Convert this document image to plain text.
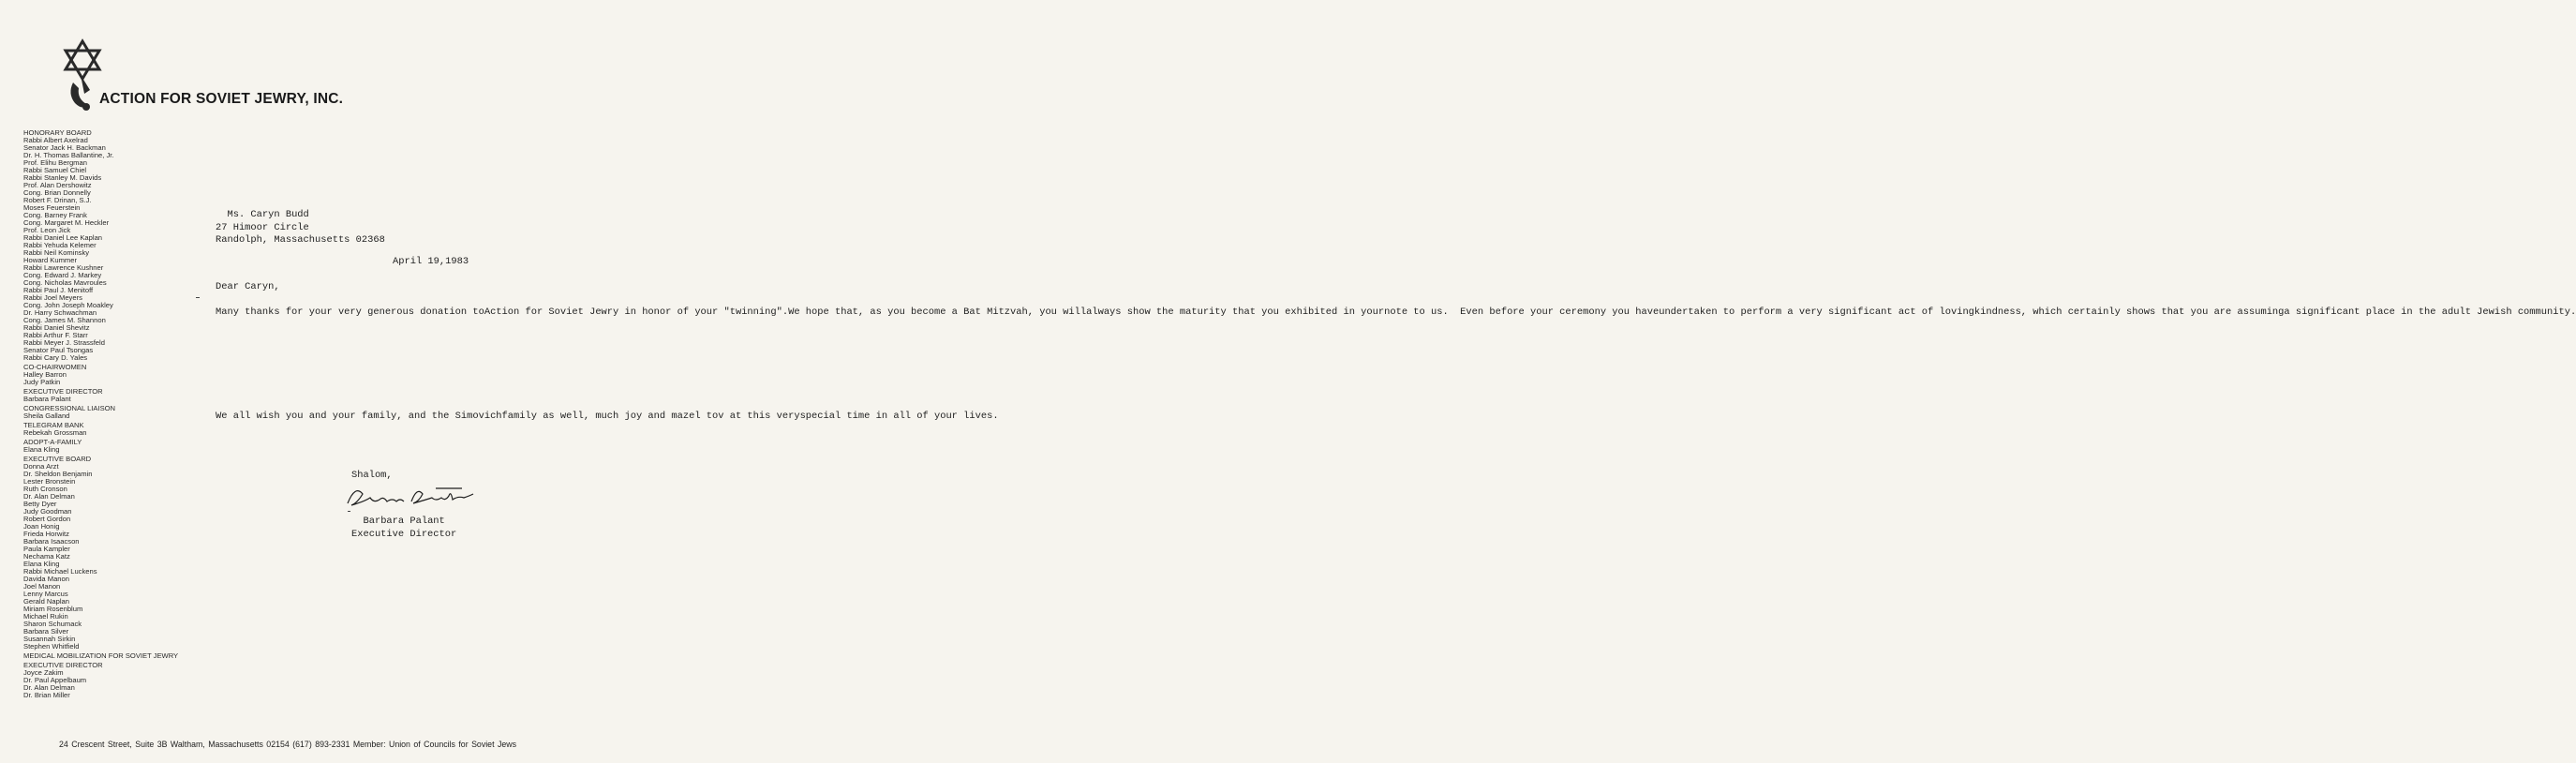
ACTION FOR SOVIET JEWRY, INC.
HONORARY BOARD
Rabbi Albert Axelrad
Senator Jack H. Backman
Dr. H. Thomas Ballantine, Jr.
Prof. Elihu Bergman
Rabbi Samuel Chiel
Rabbi Stanley M. Davids
Prof. Alan Dershowitz
Cong. Brian Donnelly
Robert F. Drinan, S.J.
Moses Feuerstein
Cong. Barney Frank
Cong. Margaret M. Heckler
Prof. Leon Jick
Rabbi Daniel Lee Kaplan
Rabbi Yehuda Kelemer
Rabbi Neil Kominsky
Howard Kummer
Rabbi Lawrence Kushner
Cong. Edward J. Markey
Cong. Nicholas Mavroules
Rabbi Paul J. Menitoff
Rabbi Joel Meyers
Cong. John Joseph Moakley
Dr. Harry Schwachman
Cong. James M. Shannon
Rabbi Daniel Shevitz
Rabbi Arthur F. Starr
Rabbi Meyer J. Strassfeld
Senator Paul Tsongas
Rabbi Cary D. Yales
CO-CHAIRWOMEN
Halley Barron
Judy Patkin
EXECUTIVE DIRECTOR
Barbara Palant
CONGRESSIONAL LIAISON
Sheila Galland
TELEGRAM BANK
Rebekah Grossman
ADOPT-A-FAMILY
Elana Kling
EXECUTIVE BOARD
Donna Arzt
Dr. Sheldon Benjamin
Lester Bronstein
Ruth Cronson
Dr. Alan Delman
Betty Dyer
Judy Goodman
Robert Gordon
Joan Honig
Frieda Horwitz
Barbara Isaacson
Paula Kampler
Nechama Katz
Elana Kling
Rabbi Michael Luckens
Davida Manon
Joel Manon
Lenny Marcus
Gerald Naplan
Miriam Rosenblum
Michael Rukin
Sharon Schumack
Barbara Silver
Susannah Sirkin
Stephen Whitfield
MEDICAL MOBILIZATION FOR SOVIET JEWRY
EXECUTIVE DIRECTOR
Joyce Zakim
Dr. Paul Appelbaum
Dr. Alan Delman
Dr. Brian Miller

Ms. Caryn Budd
27 Himoor Circle
Randolph, Massachusetts 02368

April 19,1983
Dear Caryn,
Many thanks for your very generous donation toAction for Soviet Jewry in honor of your "twinning".We hope that, as you become a Bat Mitzvah, you willalways show the maturity that you exhibited in yournote to us.  Even before your ceremony you haveundertaken to perform a very significant act of lovingkindness, which certainly shows that you are assuminga significant place in the adult Jewish community.
We all wish you and your family, and the Simovichfamily as well, much joy and mazel tov at this veryspecial time in all of your lives.
Shalom,

Barbara Palant
Executive Director

24 Crescent Street, Suite 3B Waltham, Massachusetts 02154 (617) 893-2331 Member: Union of Councils for Soviet Jews
